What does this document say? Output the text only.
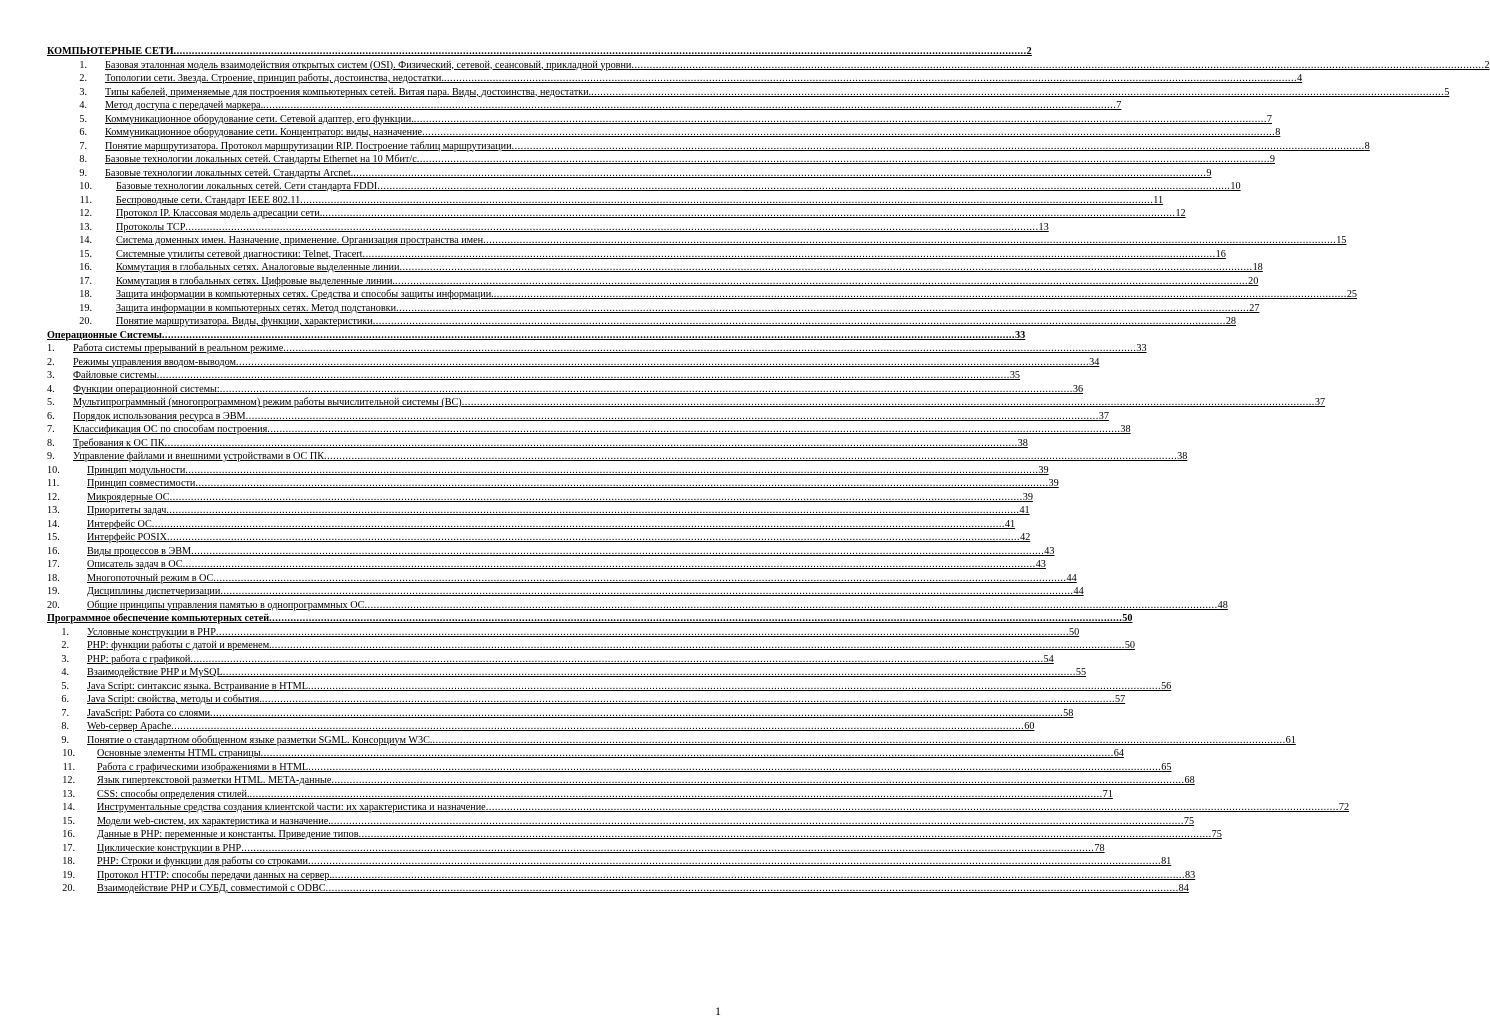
КОМПЬЮТЕРНЫЕ СЕТИ .....	2
1.	Базовая эталонная модель взаимодействия открытых систем (OSI). Физический, сетевой, сеансовый, прикладной уровни .....	2
2.	Топологии сети. Звезда. Строение, принцип работы, достоинства, недостатки. .....	4
3.	Типы кабелей, применяемые для построения компьютерных сетей. Витая пара. Виды, достоинства, недостатки. .....	5
4.	Метод доступа с передачей маркера. .....	7
5.	Коммуникационное оборудование сети. Сетевой адаптер, его функции. .....	7
6.	Коммуникационное оборудование сети. Концентратор: виды, назначение .....	8
7.	Понятие маршрутизатора. Протокол маршрутизации RIP. Построение таблиц маршрутизации .....	8
8.	Базовые технологии локальных сетей. Стандарты Ethernet на 10 Мбит/с .....	9
9.	Базовые технологии локальных сетей. Стандарты Arcnet. .....	9
10.	Базовые технологии локальных сетей. Сети стандарта FDDI .....	10
11.	Беспроводные сети. Стандарт IEEE 802.11 .....	11
12.	Протокол IP. Классовая модель адресации сети. .....	12
13.	Протоколы TCP .....	13
14.	Система доменных имен. Назначение, применение. Организация пространства имен .....	15
15.	Системные утилиты сетевой диагностики: Telnet, Tracert .....	16
16.	Коммутация в глобальных сетях. Аналоговые выделенные линии .....	18
17.	Коммутация в глобальных сетях. Цифровые выделенные линии. .....	20
18.	Защита информации в компьютерных сетях. Средства и способы защиты информации. .....	25
19.	Защита информации в компьютерных сетях. Метод подстановки .....	27
20.	Понятие маршрутизатора. Виды, функции, характеристики .....	28
Операционные Системы .....	33
1.	Работа системы прерываний в реальном режиме .....	33
2.	Режимы управления вводом-выводом .....	34
3.	Файловые системы .....	35
4.	Функции операционной системы: .....	36
5.	Мультипрограммный (многопрограммном) режим работы вычислительной системы (ВС) .....	37
6.	Порядок использования ресурса в ЭВМ .....	37
7.	Классификация ОС по способам построения .....	38
8.	Требования к ОС ПК .....	38
9.	Управление файлами и внешними устройствами в ОС ПК .....	38
10.	Принцип модульности .....	39
11.	Принцип совместимости .....	39
12.	Микроядерные ОС .....	39
13.	Приоритеты задач .....	41
14.	Интерфейс ОС .....	41
15.	Интерфейс POSIX .....	42
16.	Виды процессов в ЭВМ .....	43
17.	Описатель задач в ОС .....	43
18.	Многопоточный режим в ОС .....	44
19.	Дисциплины диспетчеризации .....	44
20.	Общие принципы управления памятью в однопрограммных ОС .....	48
Программное обеспечение компьютерных сетей .....	50
1.	Условные конструкции в PHP .....	50
2.	PHP: функции работы с датой и временем. .....	50
3.	PHP: работа с графикой .....	54
4.	Взаимодействие PHP и MySQL .....	55
5.	Java Script: синтаксис языка. Встраивание в HTML .....	56
6.	Java Script: свойства, методы и события. .....	57
7.	JavaScript: Работа со слоями .....	58
8.	Web-сервер Apache .....	60
9.	Понятие о стандартном обобщенном языке разметки SGML. Консорциум W3C. .....	61
10.	Основные элементы HTML страницы .....	64
11.	Работа с графическими изображениями в HTML .....	65
12.	Язык гипертекстовой разметки HTML. META-данные .....	68
13.	CSS: способы определения стилей. .....	71
14.	Инструментальные средства создания клиентской части: их характеристика и назначение .....	72
15.	Модели web-систем, их характеристика и назначение. .....	75
16.	Данные в PHP: переменные и константы. Приведение типов .....	75
17.	Циклические конструкции в PHP .....	78
18.	PHP: Строки и функции для работы со строками .....	81
19.	Протокол HTTP: способы передачи данных на сервер. .....	83
20.	Взаимодействие PHP и СУБД, совместимой с ODBC .....	84
1
